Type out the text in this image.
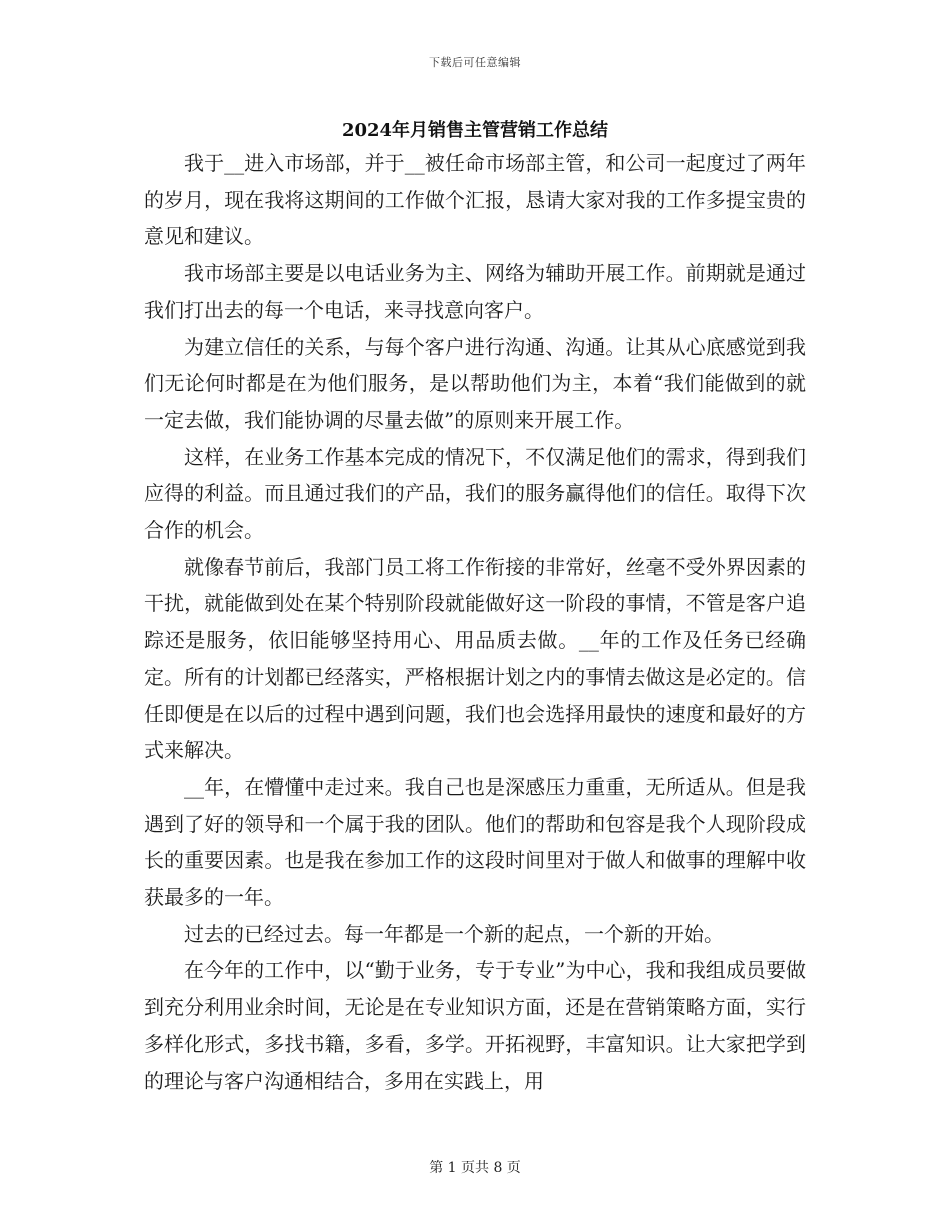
下载后可任意编辑
2024年月销售主管营销工作总结

我于__进入市场部，并于__被任命市场部主管，和公司一起度过了两年的岁月，现在我将这期间的工作做个汇报，恳请大家对我的工作多提宝贵的意见和建议。

我市场部主要是以电话业务为主、网络为辅助开展工作。前期就是通过我们打出去的每一个电话，来寻找意向客户。

为建立信任的关系，与每个客户进行沟通、沟通。让其从心底感觉到我们无论何时都是在为他们服务，是以帮助他们为主，本着“我们能做到的就一定去做，我们能协调的尽量去做”的原则来开展工作。

这样，在业务工作基本完成的情况下，不仅满足他们的需求，得到我们应得的利益。而且通过我们的产品，我们的服务赢得他们的信任。取得下次合作的机会。

就像春节前后，我部门员工将工作衔接的非常好，丝毫不受外界因素的干扰，就能做到处在某个特别阶段就能做好这一阶段的事情，不管是客户追踪还是服务，依旧能够坚持用心、用品质去做。__年的工作及任务已经确定。所有的计划都已经落实，严格根据计划之内的事情去做这是必定的。信任即便是在以后的过程中遇到问题，我们也会选择用最快的速度和最好的方式来解决。

__年，在懵懂中走过来。我自己也是深感压力重重，无所适从。但是我遇到了好的领导和一个属于我的团队。他们的帮助和包容是我个人现阶段成长的重要因素。也是我在参加工作的这段时间里对于做人和做事的理解中收获最多的一年。

过去的已经过去。每一年都是一个新的起点，一个新的开始。

在今年的工作中，以“勤于业务，专于专业”为中心，我和我组成员要做到充分利用业余时间，无论是在专业知识方面，还是在营销策略方面，实行多样化形式，多找书籍，多看，多学。开拓视野，丰富知识。让大家把学到的理论与客户沟通相结合，多用在实践上，用

第 1 页共 8 页
